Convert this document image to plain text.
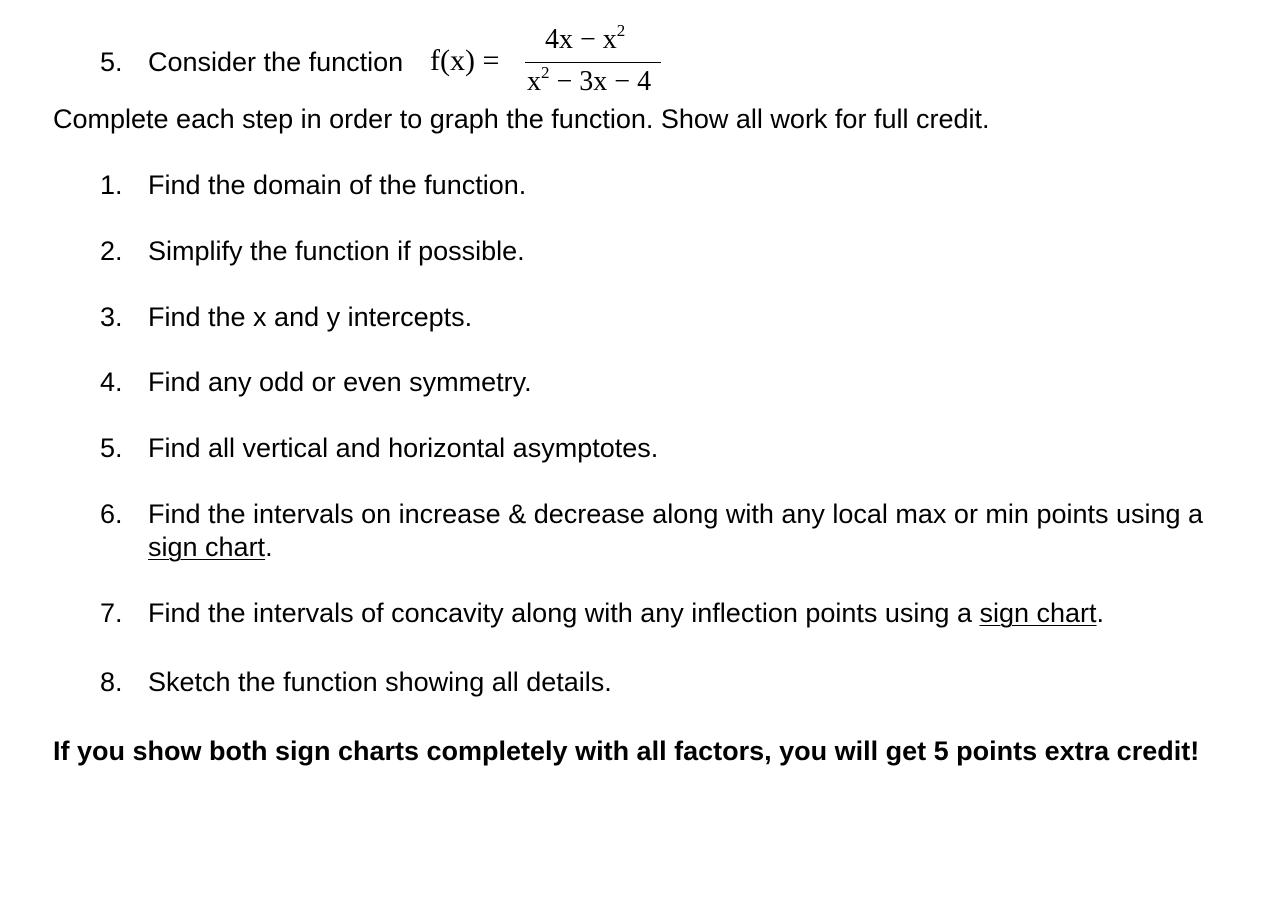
5. Consider the function f(x) =
$4x - x^2$
$x^2 - 3x - 4$
Complete each step in order to graph the function. Show all work for full credit.
1. Find the domain of the function.
2. Simplify the function if possible.
3. Find the x and y intercepts.
4. Find any odd or even symmetry.
5. Find all vertical and horizontal asymptotes.
6. Find the intervals on increase & decrease along with any local max or min points using a sign chart.
7. Find the intervals of concavity along with any inflection points using a sign chart.
8. Sketch the function showing all details.
If you show both sign charts completely with all factors, you will get 5 points extra credit!
